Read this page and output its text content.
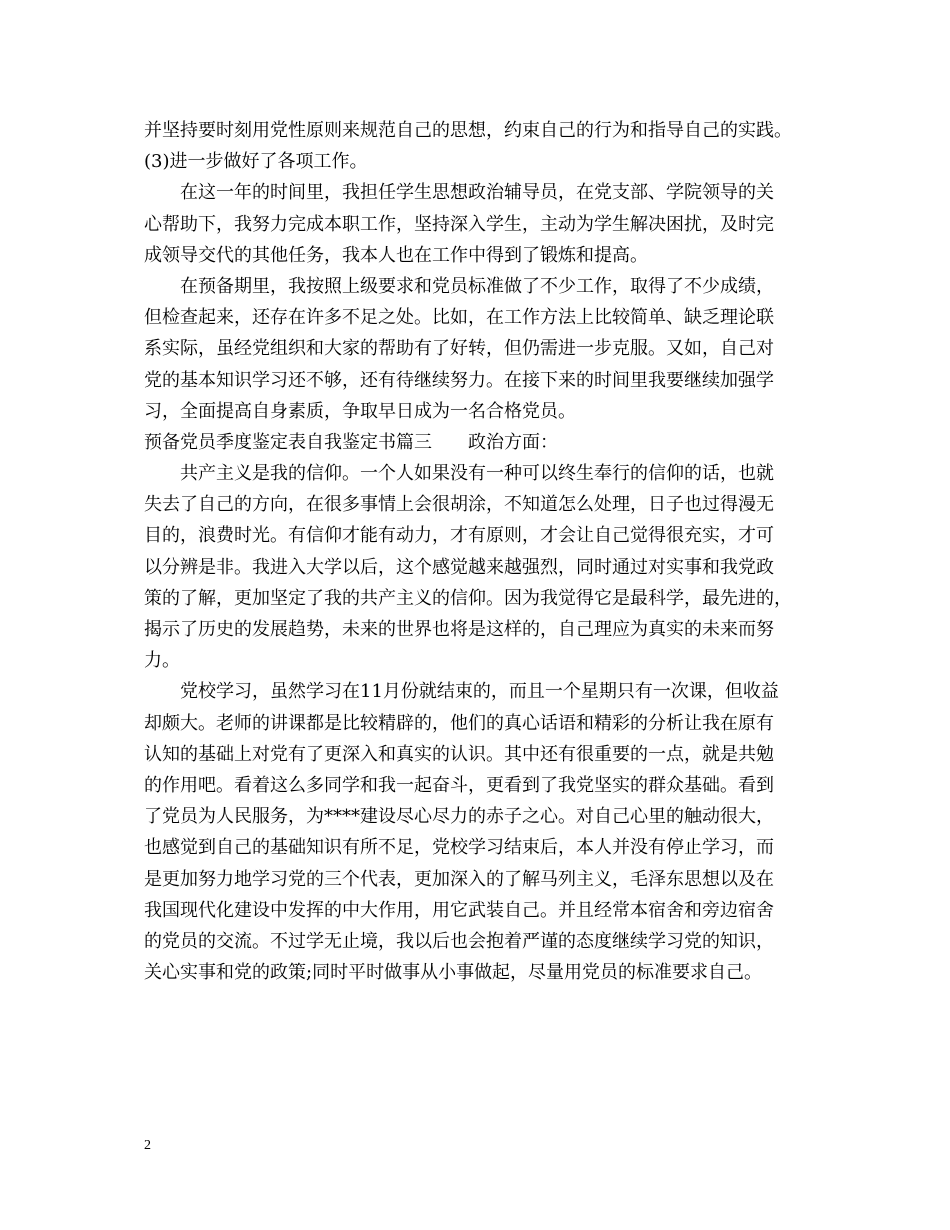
并坚持要时刻用党性原则来规范自己的思想，约束自己的行为和指导自己的实践。
(3)进一步做好了各项工作。
在这一年的时间里，我担任学生思想政治辅导员，在党支部、学院领导的关
心帮助下，我努力完成本职工作，坚持深入学生，主动为学生解决困扰，及时完
成领导交代的其他任务，我本人也在工作中得到了锻炼和提高。
在预备期里，我按照上级要求和党员标准做了不少工作，取得了不少成绩，
但检查起来，还存在许多不足之处。比如，在工作方法上比较简单、缺乏理论联
系实际，虽经党组织和大家的帮助有了好转，但仍需进一步克服。又如，自己对
党的基本知识学习还不够，还有待继续努力。在接下来的时间里我要继续加强学
习，全面提高自身素质，争取早日成为一名合格党员。
预备党员季度鉴定表自我鉴定书篇三　　政治方面：
共产主义是我的信仰。一个人如果没有一种可以终生奉行的信仰的话，也就
失去了自己的方向，在很多事情上会很胡涂，不知道怎么处理，日子也过得漫无
目的，浪费时光。有信仰才能有动力，才有原则，才会让自己觉得很充实，才可
以分辨是非。我进入大学以后，这个感觉越来越强烈，同时通过对实事和我党政
策的了解，更加坚定了我的共产主义的信仰。因为我觉得它是最科学，最先进的，
揭示了历史的发展趋势，未来的世界也将是这样的，自己理应为真实的未来而努
力。
党校学习，虽然学习在11月份就结束的，而且一个星期只有一次课，但收益
却颇大。老师的讲课都是比较精辟的，他们的真心话语和精彩的分析让我在原有
认知的基础上对党有了更深入和真实的认识。其中还有很重要的一点，就是共勉
的作用吧。看着这么多同学和我一起奋斗，更看到了我党坚实的群众基础。看到
了党员为人民服务，为****建设尽心尽力的赤子之心。对自己心里的触动很大，
也感觉到自己的基础知识有所不足，党校学习结束后，本人并没有停止学习，而
是更加努力地学习党的三个代表，更加深入的了解马列主义，毛泽东思想以及在
我国现代化建设中发挥的中大作用，用它武装自己。并且经常本宿舍和旁边宿舍
的党员的交流。不过学无止境，我以后也会抱着严谨的态度继续学习党的知识，
关心实事和党的政策;同时平时做事从小事做起，尽量用党员的标准要求自己。
2
